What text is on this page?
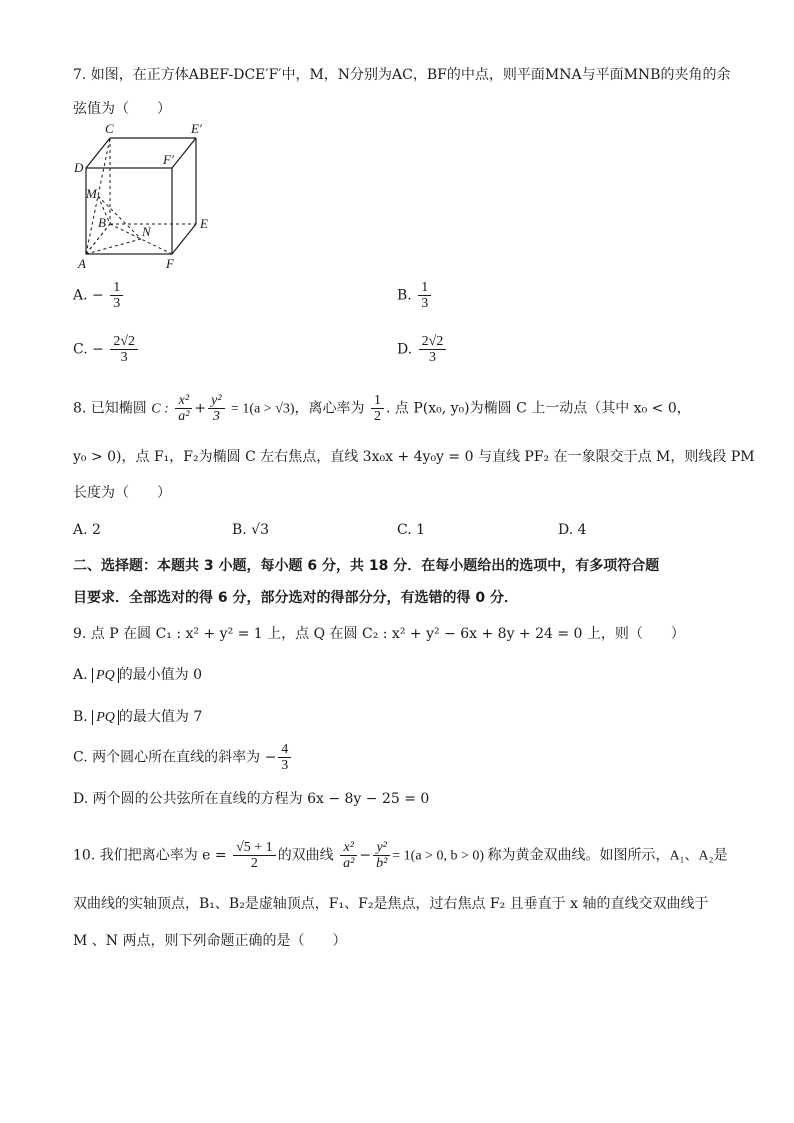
7. 如图，在正方体ABEF-DCE′F′中，M，N分别为AC，BF的中点，则平面MNA与平面MNB的夹角的余
弦值为（　　）
C	E′
D
F′
M
B
N
E
A	F
A. − $\frac{1}{3}$	B. $\frac{1}{3}$
C. − $\frac{2√2}{3}$	D. $\frac{2√2}{3}$
8. 已知椭圆 C : $\frac{\text{x²}}{\text{a²}} + \frac{\text{y²}}{3} = 1(a > √3)$，离心率为 $\frac{1}{2}$ . 点 P(x₀, y₀)为椭圆 C 上一动点（其中 x₀ < 0，
y₀ > 0)，点 F₁，F₂为椭圆 C 左右焦点，直线 3x₀x + 4y₀y = 0 与直线 PF₂ 在一象限交于点 M，则线段 PM
长度为（　　）
A. 2	B. √3	C. 1	D. 4
二、选择题：本题共 3 小题，每小题 6 分，共 18 分．在每小题给出的选项中，有多项符合题
目要求．全部选对的得 6 分，部分选对的得部分分，有选错的得 0 分．
9. 点 P 在圆 C₁ : x² + y² = 1 上，点 Q 在圆 C₂ : x² + y² − 6x + 8y + 24 = 0 上，则（　　）
A. PQ 的最小值为 0
B. PQ 的最大值为 7
C. 两个圆心所在直线的斜率为 − $\frac{4}{3}$
D. 两个圆的公共弦所在直线的方程为 6x − 8y − 25 = 0
10. 我们把离心率为 $e = \frac{√5 + 1}{2}$ 的双曲线 $\frac{\text{x²}}{\text{a²}} - \frac{\text{y²}}{\text{b²}} = 1(a > 0$, b > 0) 称为黄金双曲线。如图所示，A₁、A₂是
双曲线的实轴顶点，B₁、B₂是虚轴顶点，F₁、F₂是焦点，过右焦点 F₂ 且垂直于 x 轴的直线交双曲线于
M 、N 两点，则下列命题正确的是（　　）
